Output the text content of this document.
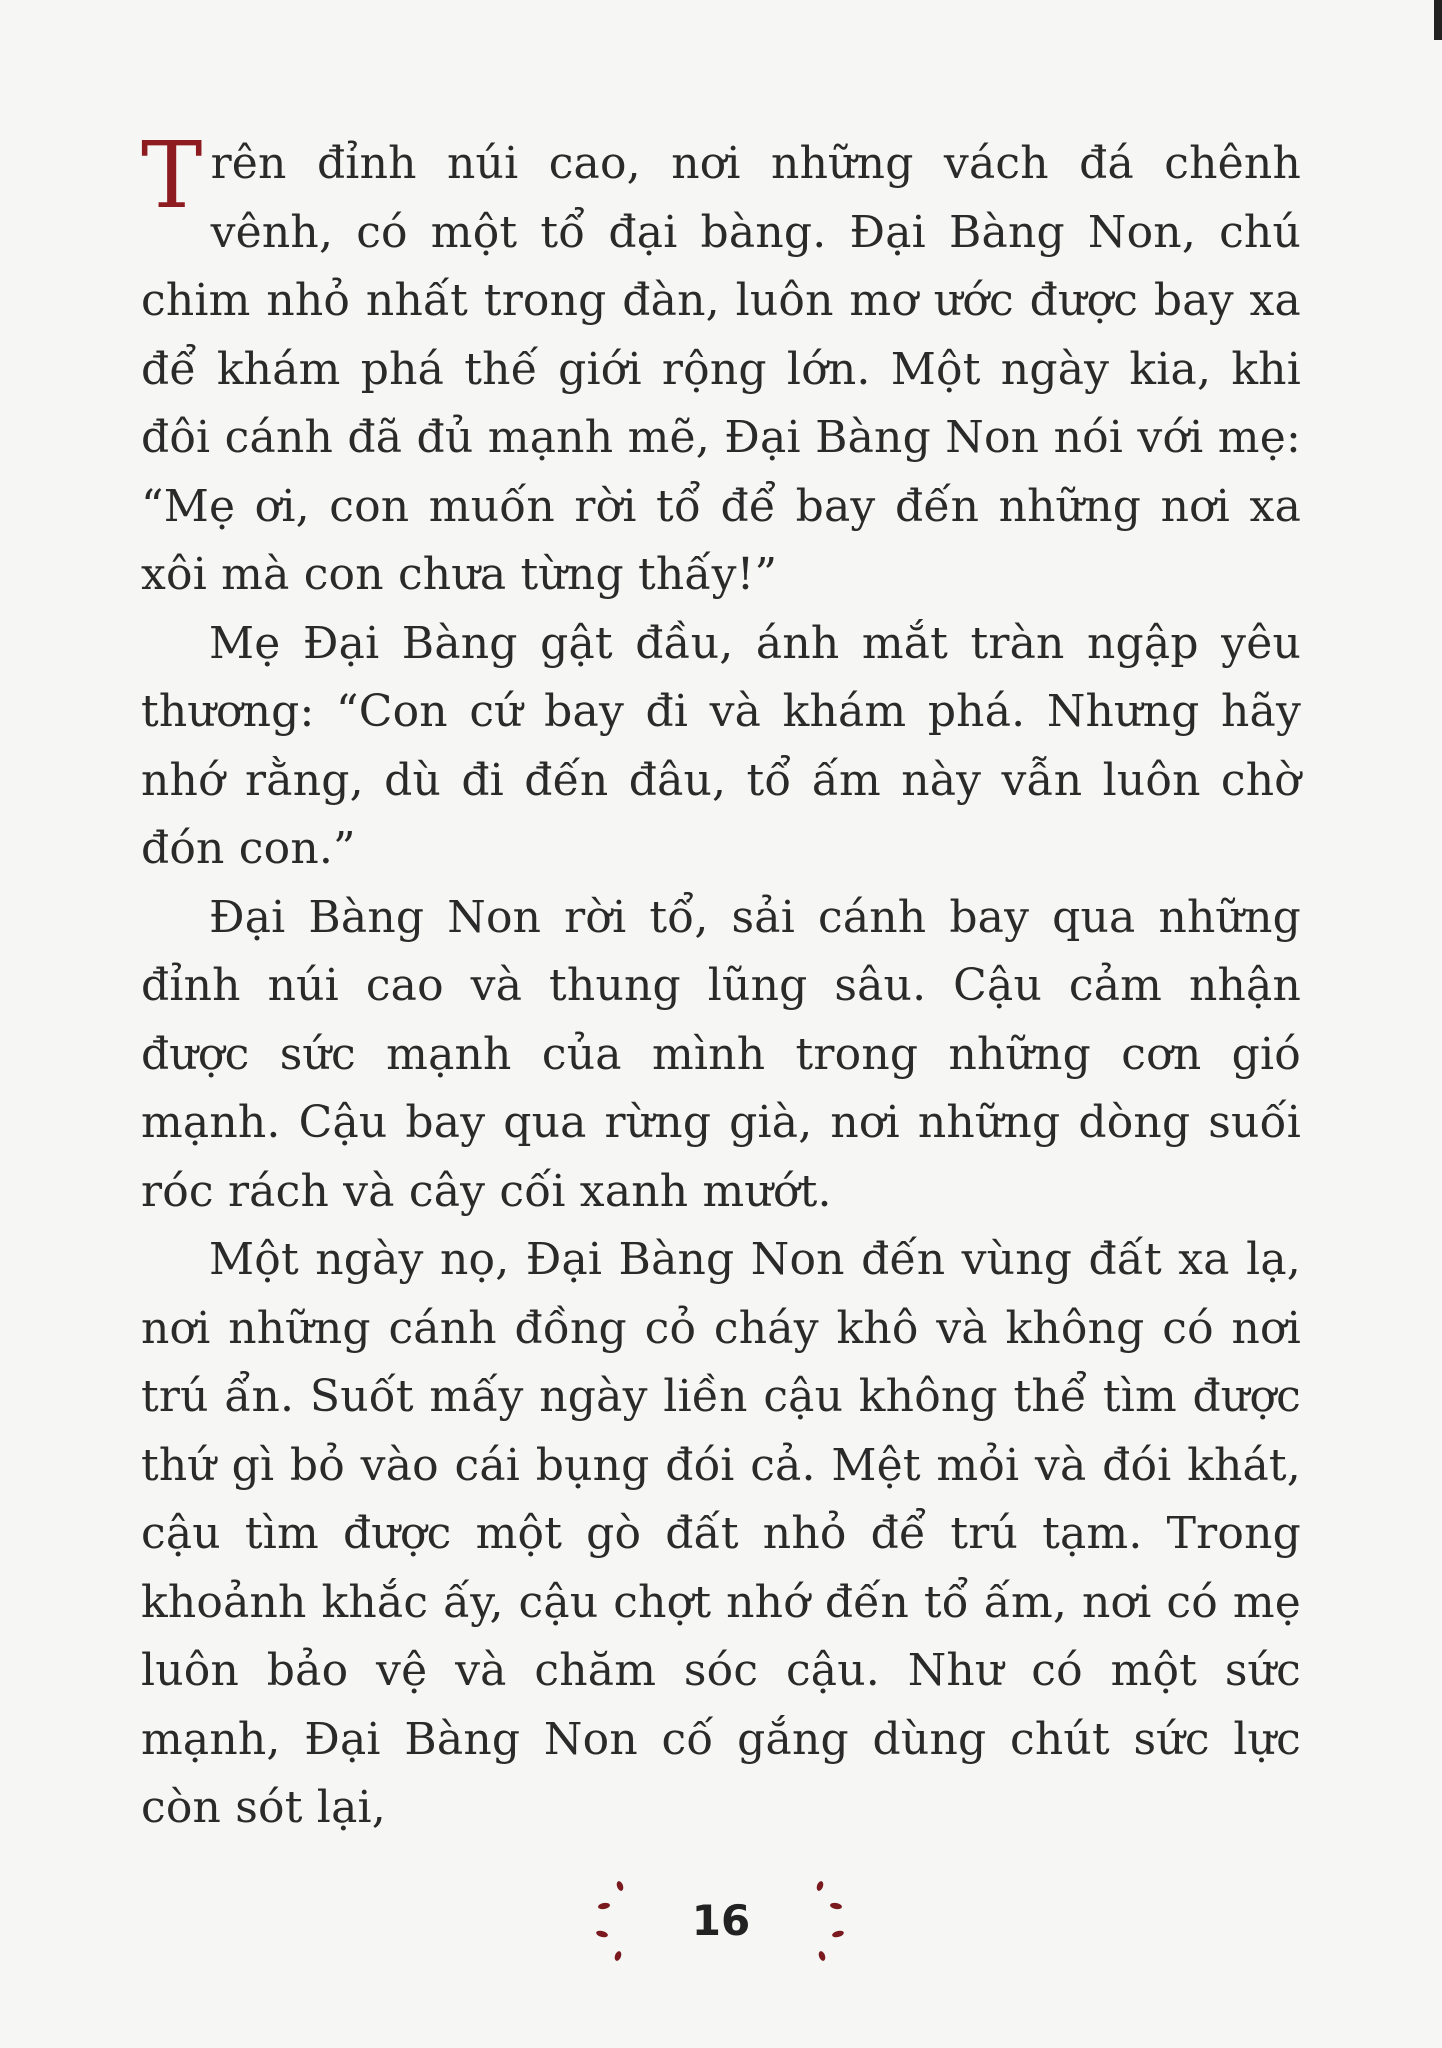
Trên đỉnh núi cao, nơi những vách đá chênh vênh, có một tổ đại bàng. Đại Bàng Non, chú chim nhỏ nhất trong đàn, luôn mơ ước được bay xa để khám phá thế giới rộng lớn. Một ngày kia, khi đôi cánh đã đủ mạnh mẽ, Đại Bàng Non nói với mẹ: “Mẹ ơi, con muốn rời tổ để bay đến những nơi xa xôi mà con chưa từng thấy!”

Mẹ Đại Bàng gật đầu, ánh mắt tràn ngập yêu thương: “Con cứ bay đi và khám phá. Nhưng hãy nhớ rằng, dù đi đến đâu, tổ ấm này vẫn luôn chờ đón con.”

Đại Bàng Non rời tổ, sải cánh bay qua những đỉnh núi cao và thung lũng sâu. Cậu cảm nhận được sức mạnh của mình trong những cơn gió mạnh. Cậu bay qua rừng già, nơi những dòng suối róc rách và cây cối xanh mướt.

Một ngày nọ, Đại Bàng Non đến vùng đất xa lạ, nơi những cánh đồng cỏ cháy khô và không có nơi trú ẩn. Suốt mấy ngày liền cậu không thể tìm được thứ gì bỏ vào cái bụng đói cả. Mệt mỏi và đói khát, cậu tìm được một gò đất nhỏ để trú tạm. Trong khoảnh khắc ấy, cậu chợt nhớ đến tổ ấm, nơi có mẹ luôn bảo vệ và chăm sóc cậu. Như có một sức mạnh, Đại Bàng Non cố gắng dùng chút sức lực còn sót lại,

16
